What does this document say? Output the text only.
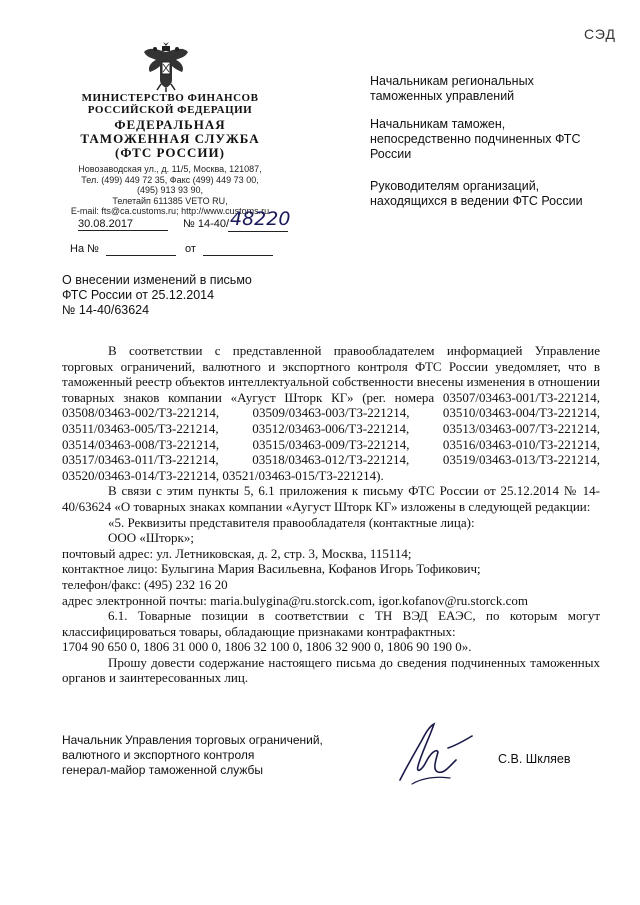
СЭД
МИНИСТЕРСТВО ФИНАНСОВ
РОССИЙСКОЙ ФЕДЕРАЦИИ
ФЕДЕРАЛЬНАЯ
ТАМОЖЕННАЯ СЛУЖБА
(ФТС РОССИИ)
Новозаводская ул., д. 11/5, Москва, 121087,
Тел. (499) 449 72 35, Факс (499) 449 73 00,
(495) 913 93 90,
Телетайп 611385 VETO RU,
E-mail: fts@ca.customs.ru; http://www.customs.ru
30.08.2017	№ 14-40/ 48220
На №	от
Начальникам региональных таможенных управлений
Начальникам таможен, непосредственно подчиненных ФТС России
Руководителям организаций, находящихся в ведении ФТС России
О внесении изменений в письмо
ФТС России от 25.12.2014
№ 14-40/63624

В соответствии с представленной правообладателем информацией Управление торговых ограничений, валютного и экспортного контроля ФТС России уведомляет, что в таможенный реестр объектов интеллектуальной собственности внесены изменения в отношении товарных знаков компании «Аугуст Шторк КГ» (рег. номера 03507/03463-001/ТЗ-221214, 03508/03463-002/ТЗ-221214, 03509/03463-003/ТЗ-221214, 03510/03463-004/ТЗ-221214, 03511/03463-005/ТЗ-221214, 03512/03463-006/ТЗ-221214, 03513/03463-007/ТЗ-221214, 03514/03463-008/ТЗ-221214, 03515/03463-009/ТЗ-221214, 03516/03463-010/ТЗ-221214, 03517/03463-011/ТЗ-221214, 03518/03463-012/ТЗ-221214, 03519/03463-013/ТЗ-221214, 03520/03463-014/ТЗ-221214, 03521/03463-015/ТЗ-221214).

В связи с этим пункты 5, 6.1 приложения к письму ФТС России от 25.12.2014 № 14-40/63624 «О товарных знаках компании «Аугуст Шторк КГ» изложены в следующей редакции:

«5. Реквизиты представителя правообладателя (контактные лица):

ООО «Шторк»;

почтовый адрес: ул. Летниковская, д. 2, стр. 3, Москва, 115114;

контактное лицо: Булыгина Мария Васильевна, Кофанов Игорь Тофикович;

телефон/факс: (495) 232 16 20

адрес электронной почты: maria.bulygina@ru.storck.com, igor.kofanov@ru.storck.com

6.1. Товарные позиции в соответствии с ТН ВЭД ЕАЭС, по которым могут классифицироваться товары, обладающие признаками контрафактных:

1704 90 650 0, 1806 31 000 0, 1806 32 100 0, 1806 32 900 0, 1806 90 190 0».

Прошу довести содержание настоящего письма до сведения подчиненных таможенных органов и заинтересованных лиц.

Начальник Управления торговых ограничений,
валютного и экспортного контроля
генерал-майор таможенной службы
С.В. Шкляев
